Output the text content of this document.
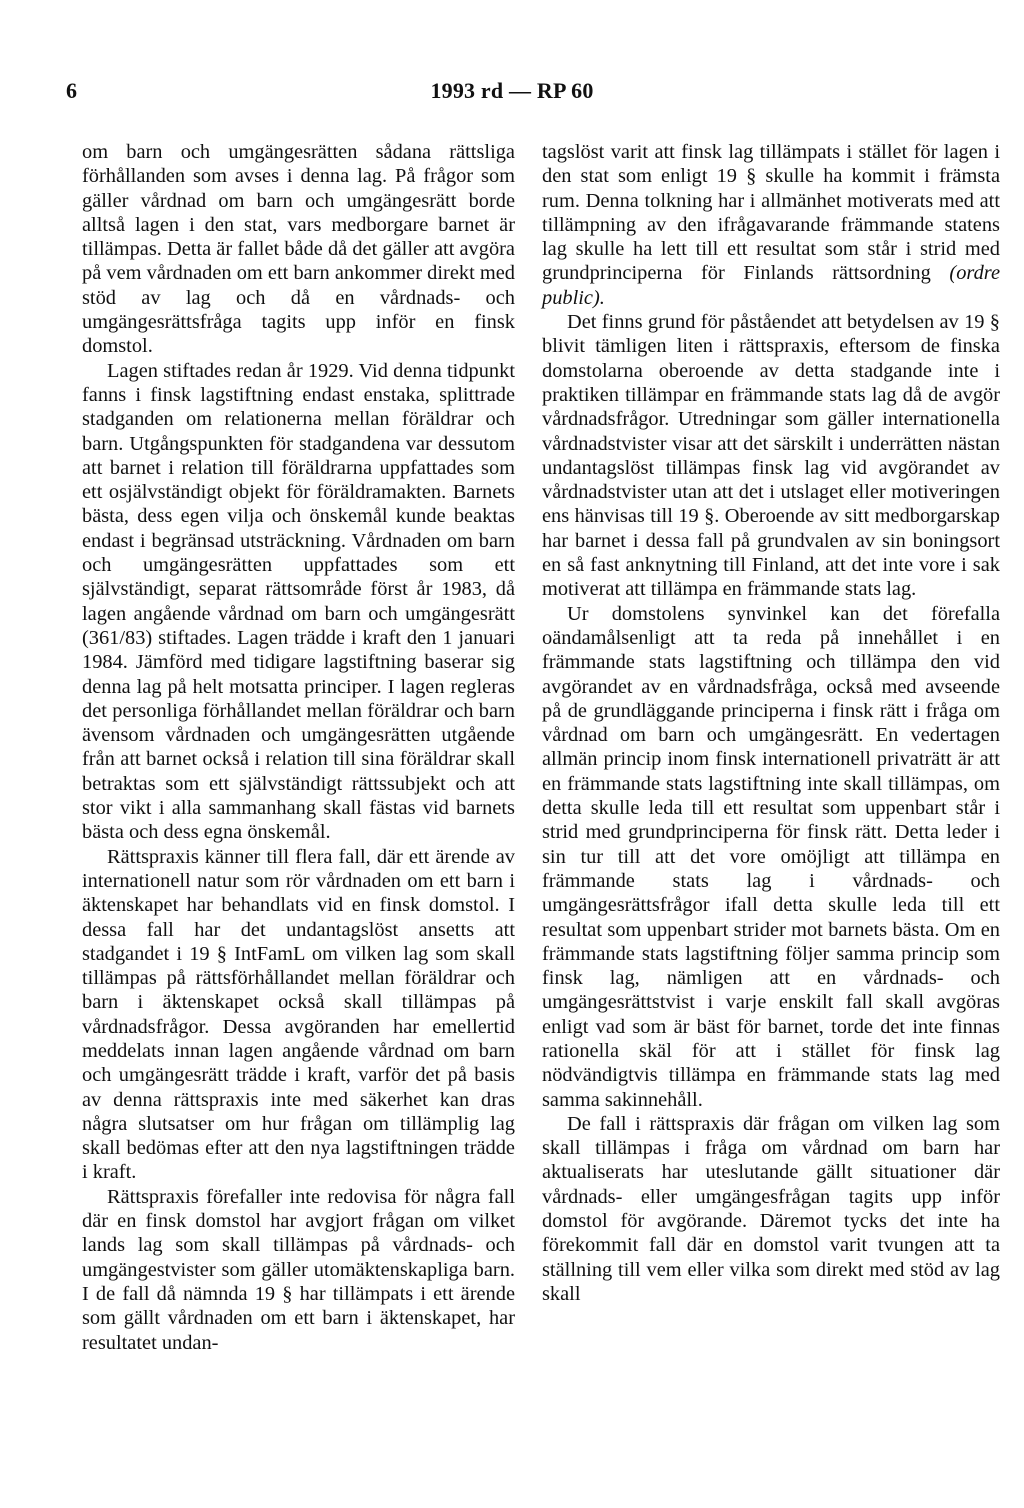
6	1993 rd — RP 60

om barn och umgängesrätten sådana rättsliga förhållanden som avses i denna lag. På frågor som gäller vårdnad om barn och umgängesrätt borde alltså lagen i den stat, vars medborgare barnet är tillämpas. Detta är fallet både då det gäller att avgöra på vem vårdnaden om ett barn ankommer direkt med stöd av lag och då en vårdnads- och umgängesrättsfråga tagits upp inför en finsk domstol.

Lagen stiftades redan år 1929. Vid denna tidpunkt fanns i finsk lagstiftning endast enstaka, splittrade stadganden om relationerna mellan föräldrar och barn. Utgångspunkten för stadgandena var dessutom att barnet i relation till föräldrarna uppfattades som ett osjälvständigt objekt för föräldramakten. Barnets bästa, dess egen vilja och önskemål kunde beaktas endast i begränsad utsträckning. Vårdnaden om barn och umgängesrätten uppfattades som ett självständigt, separat rättsområde först år 1983, då lagen angående vårdnad om barn och umgängesrätt (361/83) stiftades. Lagen trädde i kraft den 1 januari 1984. Jämförd med tidigare lagstiftning baserar sig denna lag på helt motsatta principer. I lagen regleras det personliga förhållandet mellan föräldrar och barn ävensom vårdnaden och umgängesrätten utgående från att barnet också i relation till sina föräldrar skall betraktas som ett självständigt rättssubjekt och att stor vikt i alla sammanhang skall fästas vid barnets bästa och dess egna önskemål.

Rättspraxis känner till flera fall, där ett ärende av internationell natur som rör vårdnaden om ett barn i äktenskapet har behandlats vid en finsk domstol. I dessa fall har det undantagslöst ansetts att stadgandet i 19 § IntFamL om vilken lag som skall tillämpas på rättsförhållandet mellan föräldrar och barn i äktenskapet också skall tillämpas på vårdnadsfrågor. Dessa avgöranden har emellertid meddelats innan lagen angående vårdnad om barn och umgängesrätt trädde i kraft, varför det på basis av denna rättspraxis inte med säkerhet kan dras några slutsatser om hur frågan om tillämplig lag skall bedömas efter att den nya lagstiftningen trädde i kraft.

Rättspraxis förefaller inte redovisa för några fall där en finsk domstol har avgjort frågan om vilket lands lag som skall tillämpas på vårdnads- och umgängestvister som gäller utomäktenskapliga barn. I de fall då nämnda 19 § har tillämpats i ett ärende som gällt vårdnaden om ett barn i äktenskapet, har resultatet undan-

tagslöst varit att finsk lag tillämpats i stället för lagen i den stat som enligt 19 § skulle ha kommit i främsta rum. Denna tolkning har i allmänhet motiverats med att tillämpning av den ifrågavarande främmande statens lag skulle ha lett till ett resultat som står i strid med grundprinciperna för Finlands rättsordning (ordre public).

Det finns grund för påståendet att betydelsen av 19 § blivit tämligen liten i rättspraxis, eftersom de finska domstolarna oberoende av detta stadgande inte i praktiken tillämpar en främmande stats lag då de avgör vårdnadsfrågor. Utredningar som gäller internationella vårdnadstvister visar att det särskilt i underrätten nästan undantagslöst tillämpas finsk lag vid avgörandet av vårdnadstvister utan att det i utslaget eller motiveringen ens hänvisas till 19 §. Oberoende av sitt medborgarskap har barnet i dessa fall på grundvalen av sin boningsort en så fast anknytning till Finland, att det inte vore i sak motiverat att tillämpa en främmande stats lag.

Ur domstolens synvinkel kan det förefalla oändamålsenligt att ta reda på innehållet i en främmande stats lagstiftning och tillämpa den vid avgörandet av en vårdnadsfråga, också med avseende på de grundläggande principerna i finsk rätt i fråga om vårdnad om barn och umgängesrätt. En vedertagen allmän princip inom finsk internationell privaträtt är att en främmande stats lagstiftning inte skall tillämpas, om detta skulle leda till ett resultat som uppenbart står i strid med grundprinciperna för finsk rätt. Detta leder i sin tur till att det vore omöjligt att tillämpa en främmande stats lag i vårdnads- och umgängesrättsfrågor ifall detta skulle leda till ett resultat som uppenbart strider mot barnets bästa. Om en främmande stats lagstiftning följer samma princip som finsk lag, nämligen att en vårdnads- och umgängesrättstvist i varje enskilt fall skall avgöras enligt vad som är bäst för barnet, torde det inte finnas rationella skäl för att i stället för finsk lag nödvändigtvis tillämpa en främmande stats lag med samma sakinnehåll.

De fall i rättspraxis där frågan om vilken lag som skall tillämpas i fråga om vårdnad om barn har aktualiserats har uteslutande gällt situationer där vårdnads- eller umgängesfrågan tagits upp inför domstol för avgörande. Däremot tycks det inte ha förekommit fall där en domstol varit tvungen att ta ställning till vem eller vilka som direkt med stöd av lag skall
